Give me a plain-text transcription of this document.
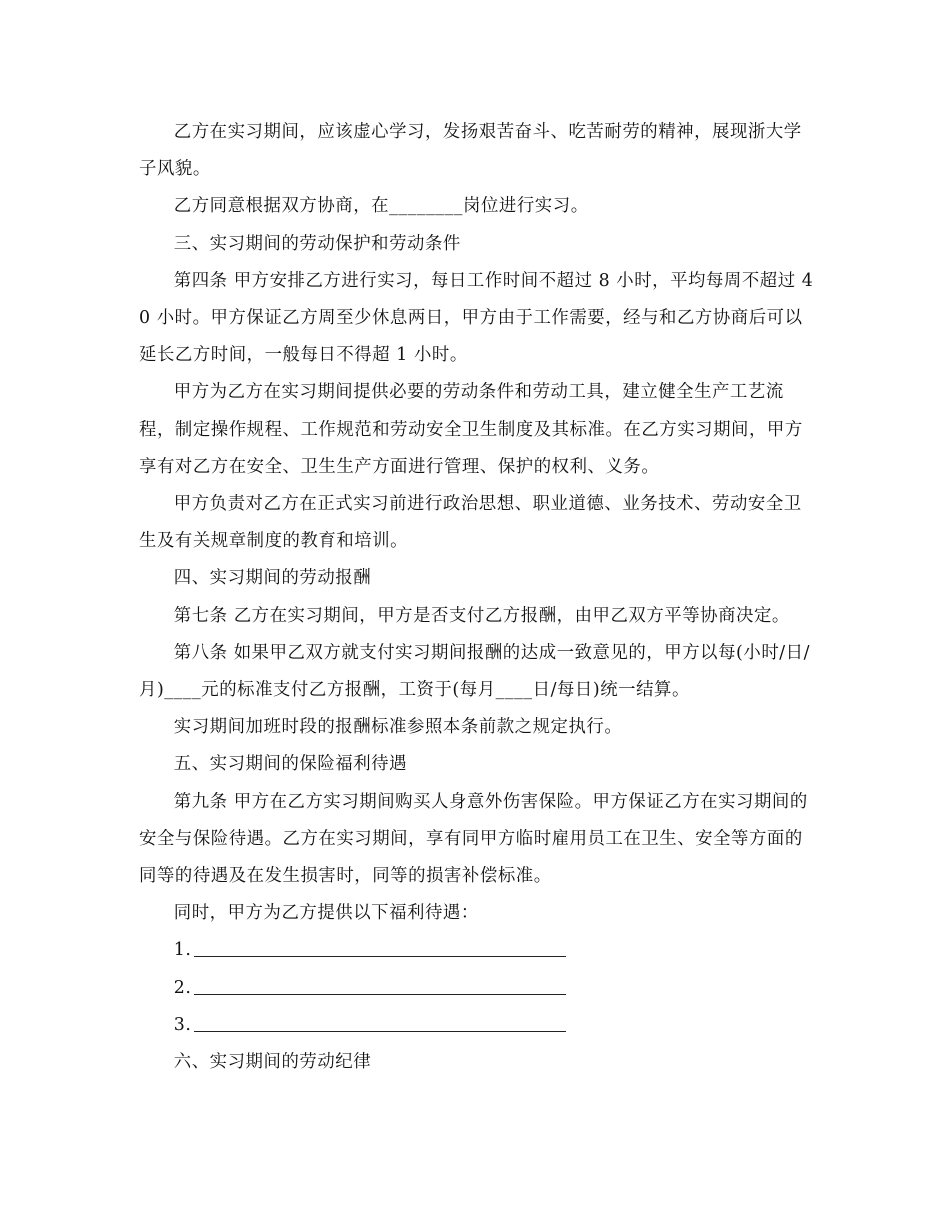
乙方在实习期间，应该虚心学习，发扬艰苦奋斗、吃苦耐劳的精神，展现浙大学子风貌。

乙方同意根据双方协商，在________岗位进行实习。

三、实习期间的劳动保护和劳动条件

第四条 甲方安排乙方进行实习，每日工作时间不超过 8 小时，平均每周不超过 40 小时。甲方保证乙方周至少休息两日，甲方由于工作需要，经与和乙方协商后可以延长乙方时间，一般每日不得超 1 小时。

甲方为乙方在实习期间提供必要的劳动条件和劳动工具，建立健全生产工艺流程，制定操作规程、工作规范和劳动安全卫生制度及其标准。在乙方实习期间，甲方享有对乙方在安全、卫生生产方面进行管理、保护的权利、义务。

甲方负责对乙方在正式实习前进行政治思想、职业道德、业务技术、劳动安全卫生及有关规章制度的教育和培训。

四、实习期间的劳动报酬

第七条 乙方在实习期间，甲方是否支付乙方报酬，由甲乙双方平等协商决定。

第八条 如果甲乙双方就支付实习期间报酬的达成一致意见的，甲方以每(小时/日/月)____元的标准支付乙方报酬，工资于(每月____日/每日)统一结算。

实习期间加班时段的报酬标准参照本条前款之规定执行。

五、实习期间的保险福利待遇

第九条 甲方在乙方实习期间购买人身意外伤害保险。甲方保证乙方在实习期间的安全与保险待遇。乙方在实习期间，享有同甲方临时雇用员工在卫生、安全等方面的同等的待遇及在发生损害时，同等的损害补偿标准。

同时，甲方为乙方提供以下福利待遇：

1.
2.
3.

六、实习期间的劳动纪律
